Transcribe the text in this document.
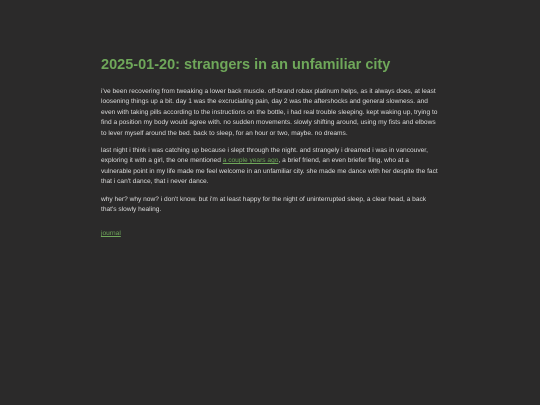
2025-01-20: strangers in an unfamiliar city

i've been recovering from tweaking a lower back muscle. off-brand robax platinum helps, as it always does, at least loosening things up a bit. day 1 was the excruciating pain, day 2 was the aftershocks and general slowness. and even with taking pills according to the instructions on the bottle, i had real trouble sleeping. kept waking up, trying to find a position my body would agree with. no sudden movements. slowly shifting around, using my fists and elbows to lever myself around the bed. back to sleep, for an hour or two, maybe. no dreams.

last night i think i was catching up because i slept through the night. and strangely i dreamed i was in vancouver, exploring it with a girl, the one mentioned a couple years ago, a brief friend, an even briefer fling, who at a vulnerable point in my life made me feel welcome in an unfamiliar city. she made me dance with her despite the fact that i can't dance, that i never dance.

why her? why now? i don't know. but i'm at least happy for the night of uninterrupted sleep, a clear head, a back that's slowly healing.

journal
